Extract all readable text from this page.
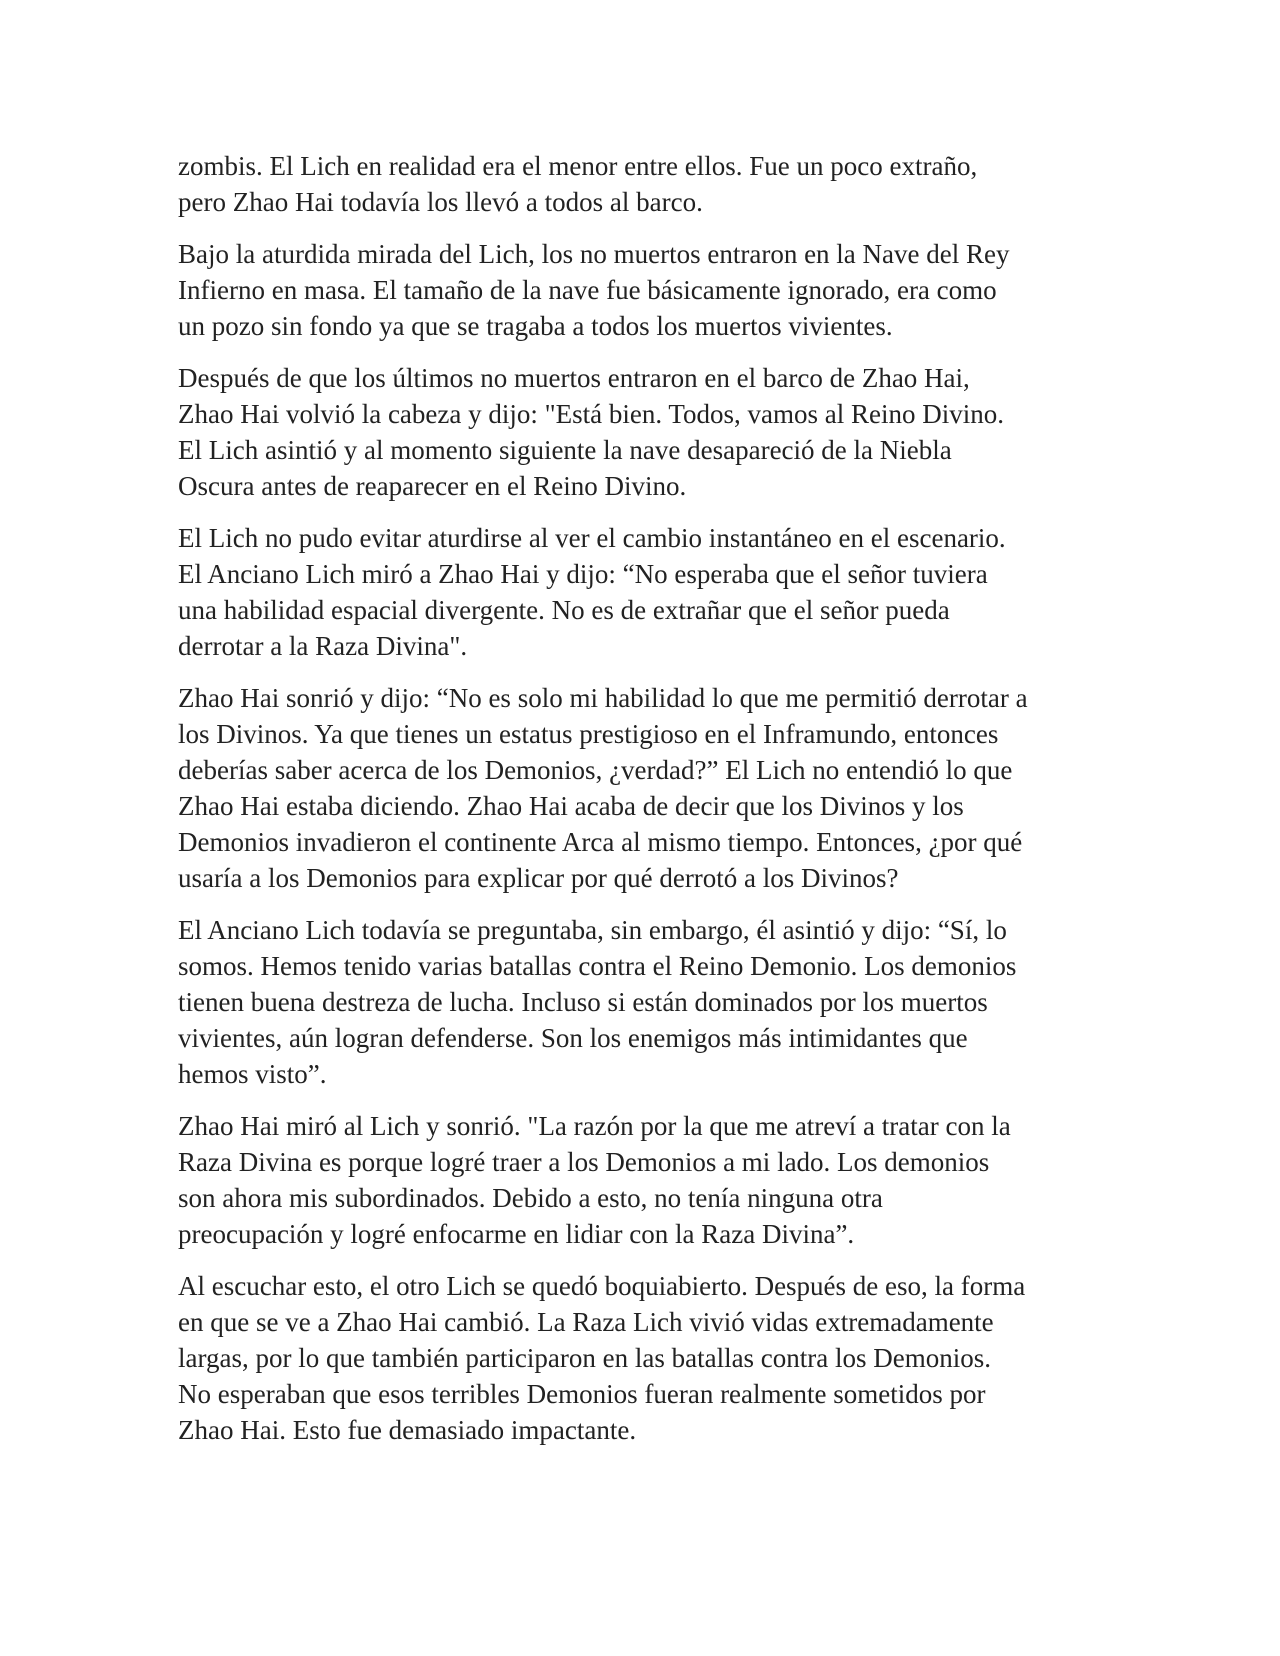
zombis. El Lich en realidad era el menor entre ellos. Fue un poco extraño,
pero Zhao Hai todavía los llevó a todos al barco.

Bajo la aturdida mirada del Lich, los no muertos entraron en la Nave del Rey
Infierno en masa. El tamaño de la nave fue básicamente ignorado, era como
un pozo sin fondo ya que se tragaba a todos los muertos vivientes.

Después de que los últimos no muertos entraron en el barco de Zhao Hai,
Zhao Hai volvió la cabeza y dijo: "Está bien. Todos, vamos al Reino Divino.
El Lich asintió y al momento siguiente la nave desapareció de la Niebla
Oscura antes de reaparecer en el Reino Divino.

El Lich no pudo evitar aturdirse al ver el cambio instantáneo en el escenario.
El Anciano Lich miró a Zhao Hai y dijo: “No esperaba que el señor tuviera
una habilidad espacial divergente. No es de extrañar que el señor pueda
derrotar a la Raza Divina".

Zhao Hai sonrió y dijo: “No es solo mi habilidad lo que me permitió derrotar a
los Divinos. Ya que tienes un estatus prestigioso en el Inframundo, entonces
deberías saber acerca de los Demonios, ¿verdad?” El Lich no entendió lo que
Zhao Hai estaba diciendo. Zhao Hai acaba de decir que los Divinos y los
Demonios invadieron el continente Arca al mismo tiempo. Entonces, ¿por qué
usaría a los Demonios para explicar por qué derrotó a los Divinos?

El Anciano Lich todavía se preguntaba, sin embargo, él asintió y dijo: “Sí, lo
somos. Hemos tenido varias batallas contra el Reino Demonio. Los demonios
tienen buena destreza de lucha. Incluso si están dominados por los muertos
vivientes, aún logran defenderse. Son los enemigos más intimidantes que
hemos visto”.

Zhao Hai miró al Lich y sonrió. "La razón por la que me atreví a tratar con la
Raza Divina es porque logré traer a los Demonios a mi lado. Los demonios
son ahora mis subordinados. Debido a esto, no tenía ninguna otra
preocupación y logré enfocarme en lidiar con la Raza Divina”.

Al escuchar esto, el otro Lich se quedó boquiabierto. Después de eso, la forma
en que se ve a Zhao Hai cambió. La Raza Lich vivió vidas extremadamente
largas, por lo que también participaron en las batallas contra los Demonios.
No esperaban que esos terribles Demonios fueran realmente sometidos por
Zhao Hai. Esto fue demasiado impactante.
